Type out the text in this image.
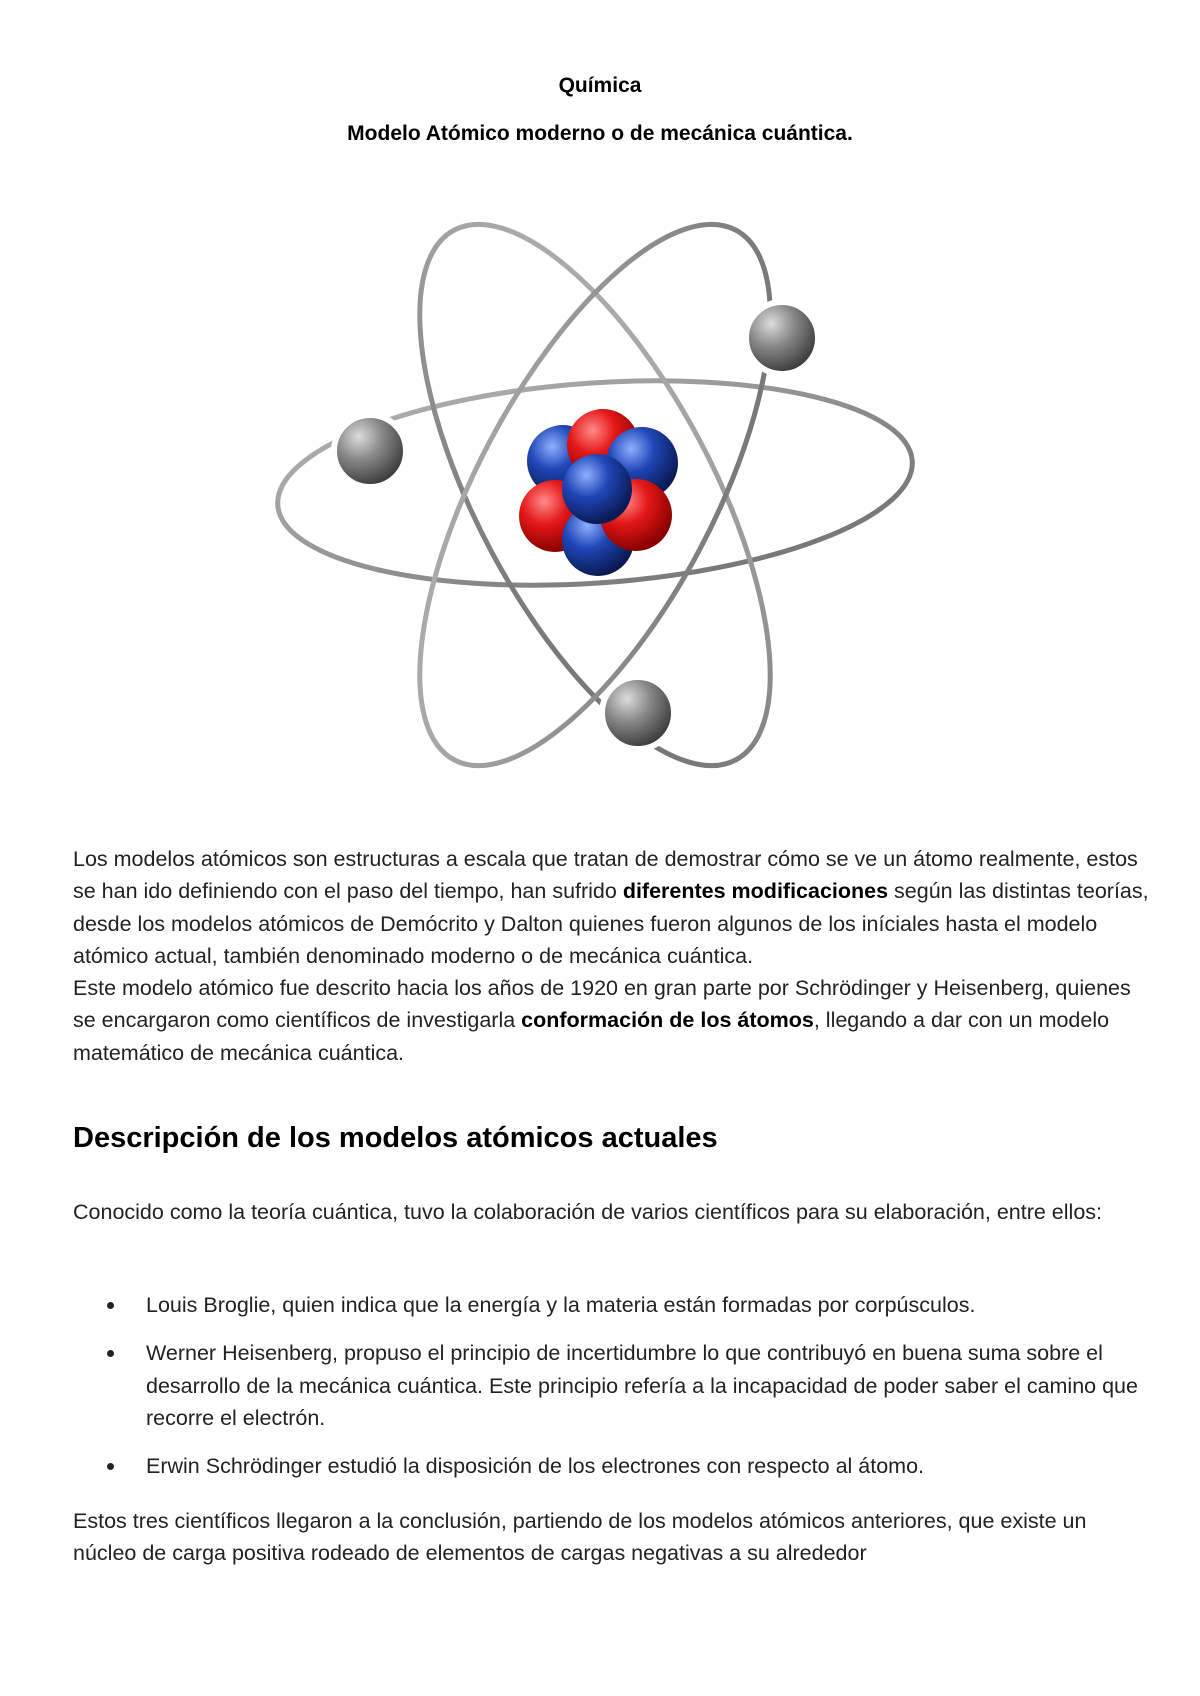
Química
Modelo Atómico moderno o de mecánica cuántica.

Los modelos atómicos son estructuras a escala que tratan de demostrar cómo se ve un átomo realmente, estos se han ido definiendo con el paso del tiempo, han sufrido diferentes modificaciones según las distintas teorías, desde los modelos atómicos de Demócrito y Dalton quienes fueron algunos de los iníciales hasta el modelo atómico actual, también denominado moderno o de mecánica cuántica.

Este modelo atómico fue descrito hacia los años de 1920 en gran parte por Schrödinger y Heisenberg, quienes se encargaron como científicos de investigarla conformación de los átomos, llegando a dar con un modelo matemático de mecánica cuántica.

Descripción de los modelos atómicos actuales
Conocido como la teoría cuántica, tuvo la colaboración de varios científicos para su elaboración, entre ellos:
Louis Broglie, quien indica que la energía y la materia están formadas por corpúsculos.
Werner Heisenberg, propuso el principio de incertidumbre lo que contribuyó en buena suma sobre el desarrollo de la mecánica cuántica. Este principio refería a la incapacidad de poder saber el camino que recorre el electrón.
Erwin Schrödinger estudió la disposición de los electrones con respecto al átomo.
Estos tres científicos llegaron a la conclusión, partiendo de los modelos atómicos anteriores, que existe un núcleo de carga positiva rodeado de elementos de cargas negativas a su alrededor
